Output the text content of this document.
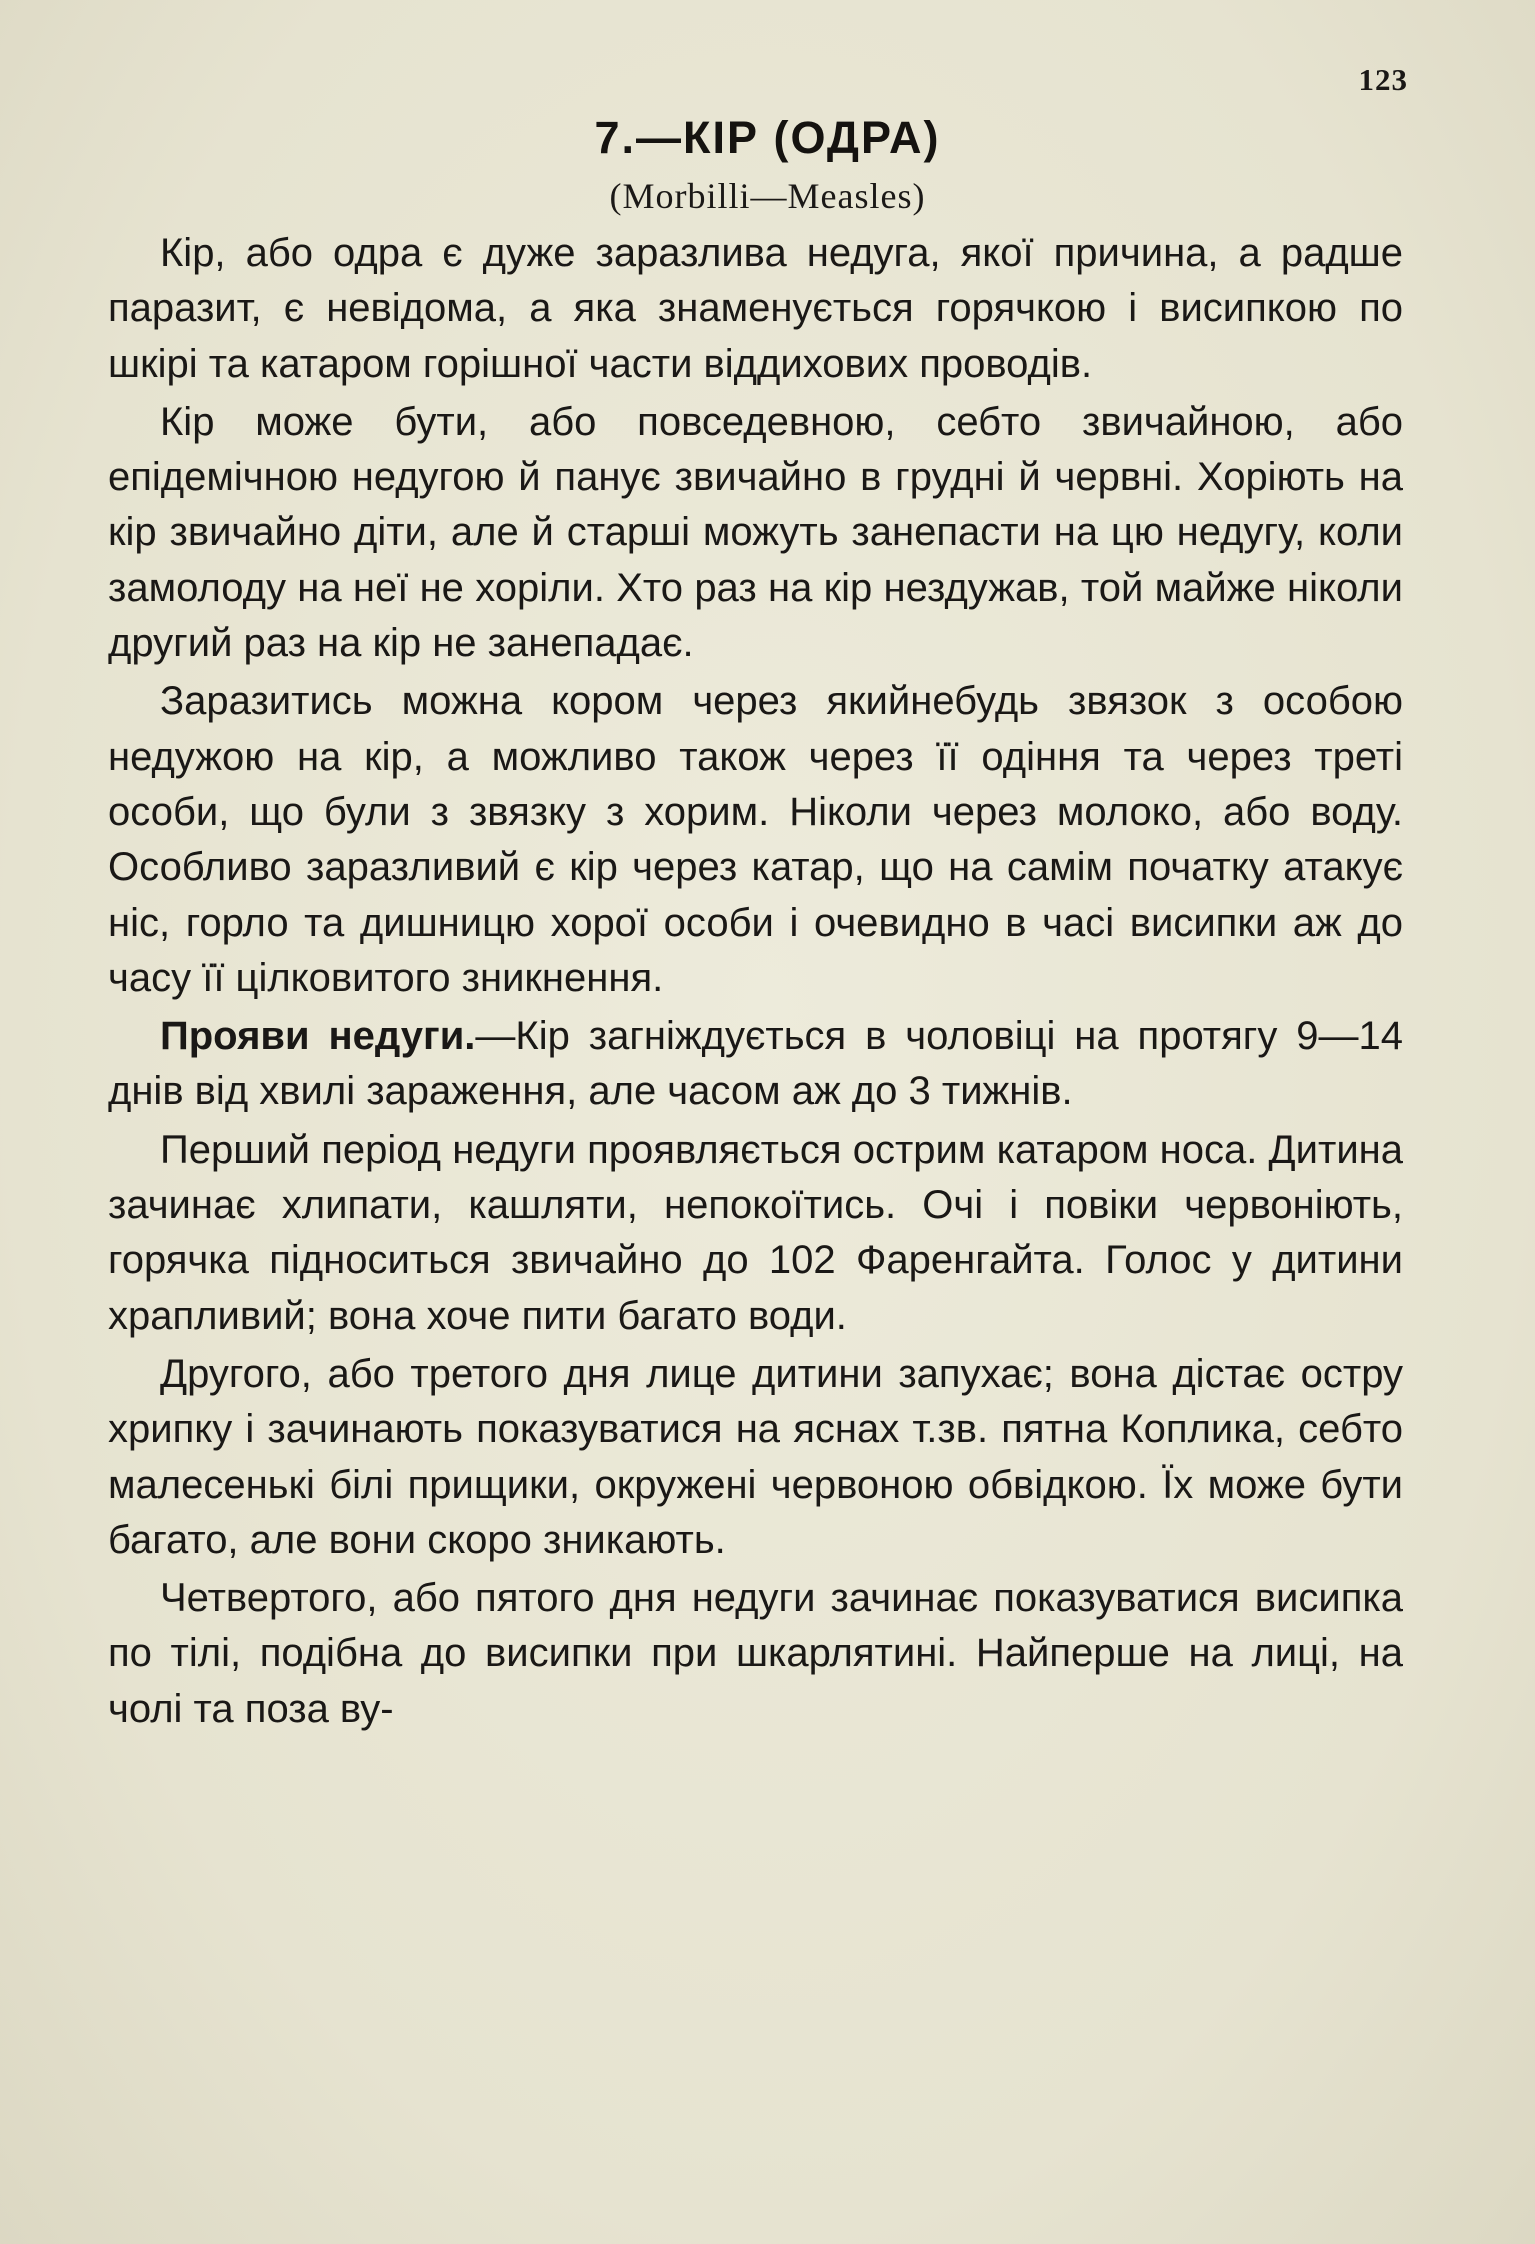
123
7.—КІР (ОДРА)
(Morbilli—Measles)

Кір, або одра є дуже заразлива недуга, якої причина, а радше паразит, є невідома, а яка знаменується горячкою і висипкою по шкірі та катаром горішної части віддихових проводів.

Кір може бути, або повседевною, себто звичайною, або епідемічною недугою й панує звичайно в грудні й червні. Хоріють на кір звичайно діти, але й старші можуть занепасти на цю недугу, коли замолоду на неї не хоріли. Хто раз на кір нездужав, той майже ніколи другий раз на кір не занепадає.

Заразитись можна кором через якийнебудь звязок з особою недужою на кір, а можливо також через її одіння та через треті особи, що були з звязку з хорим. Ніколи через молоко, або воду. Особливо заразливий є кір через катар, що на самім початку атакує ніс, горло та дишницю хорої особи і очевидно в часі висипки аж до часу її цілковитого зникнення.

Прояви недуги.—Кір загніждується в чоловіці на протягу 9—14 днів від хвилі зараження, але часом аж до 3 тижнів.

Перший період недуги проявляється острим катаром носа. Дитина зачинає хлипати, кашляти, непокоїтись. Очі і повіки червоніють, горячка підноситься звичайно до 102 Фаренгайта. Голос у дитини храпливий; вона хоче пити багато води.

Другого, або третого дня лице дитини запухає; вона дістає остру хрипку і зачинають показуватися на яснах т.зв. пятна Коплика, себто малесенькі білі прищики, окружені червоною обвідкою. Їх може бути багато, але вони скоро зникають.

Четвертого, або пятого дня недуги зачинає показуватися висипка по тілі, подібна до висипки при шкарлятині. Найперше на лиці, на чолі та поза ву-
